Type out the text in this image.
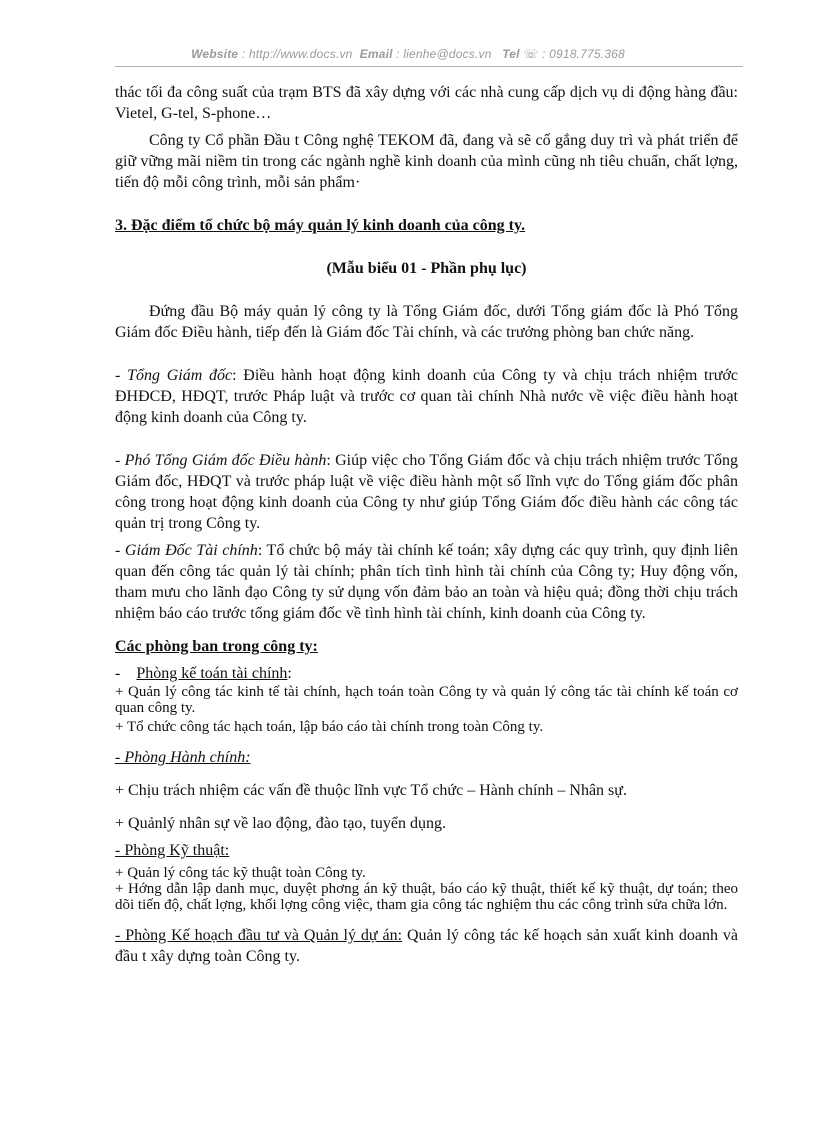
Website : http://www.docs.vn Email : lienhe@docs.vn Tel ☏ : 0918.775.368

thác tối đa công suất của trạm BTS đã xây dựng với các nhà cung cấp dịch vụ di động hàng đầu: Vietel, G-tel, S-phone…

Công ty Cổ phần Đầu t Công nghệ TEKOM đã, đang và sẽ cố gắng duy trì và phát triển để giữ vững mãi niềm tin trong các ngành nghề kinh doanh của mình cũng nh tiêu chuẩn, chất lợng, tiến độ mỗi công trình, mỗi sản phẩm·

3. Đặc điểm tổ chức bộ máy quản lý kinh doanh của công ty.

(Mẫu biểu 01 - Phần phụ lục)

Đứng đầu Bộ máy quản lý công ty là Tổng Giám đốc, dưới Tổng giám đốc là Phó Tổng Giám đốc Điều hành, tiếp đến là Giám đốc Tài chính, và các trưởng phòng ban chức năng.

- Tổng Giám đốc: Điều hành hoạt động kinh doanh của Công ty và chịu trách nhiệm trước ĐHĐCĐ, HĐQT, trước Pháp luật và trước cơ quan tài chính Nhà nước về việc điều hành hoạt động kinh doanh của Công ty.

- Phó Tổng Giám đốc Điều hành: Giúp việc cho Tổng Giám đốc và chịu trách nhiệm trước Tổng Giám đốc, HĐQT và trước pháp luật về việc điều hành một số lĩnh vực do Tổng giám đốc phân công trong hoạt động kinh doanh của Công ty như giúp Tổng Giám đốc điều hành các công tác quản trị trong Công ty.

- Giám Đốc Tài chính: Tổ chức bộ máy tài chính kế toán; xây dựng các quy trình, quy định liên quan đến công tác quản lý tài chính; phân tích tình hình tài chính của Công ty; Huy động vốn, tham mưu cho lãnh đạo Công ty sử dụng vốn đảm bảo an toàn và hiệu quả; đồng thời chịu trách nhiệm báo cáo trước tổng giám đốc về tình hình tài chính, kinh doanh của Công ty.

Các phòng ban trong công ty:

- Phòng kế toán tài chính:

+ Quản lý công tác kinh tế tài chính, hạch toán toàn Công ty và quản lý công tác tài chính kế toán cơ quan công ty.

+ Tổ chức công tác hạch toán, lập báo cáo tài chính trong toàn Công ty.

- Phòng Hành chính:

+ Chịu trách nhiệm các vấn đề thuộc lĩnh vực Tổ chức – Hành chính – Nhân sự.

+ Quảnlý nhân sự về lao động, đào tạo, tuyển dụng.

- Phòng Kỹ thuật:

+ Quản lý công tác kỹ thuật toàn Công ty.

+ Hớng dẫn lập danh mục, duyệt phơng án kỹ thuật, báo cáo kỹ thuật, thiết kế kỹ thuật, dự toán; theo dõi tiến độ, chất lợng, khối lợng công việc, tham gia công tác nghiệm thu các công trình sửa chữa lớn.

- Phòng Kế hoạch đầu tư và Quản lý dự án: Quản lý công tác kế hoạch sản xuất kinh doanh và đầu t xây dựng toàn Công ty.
